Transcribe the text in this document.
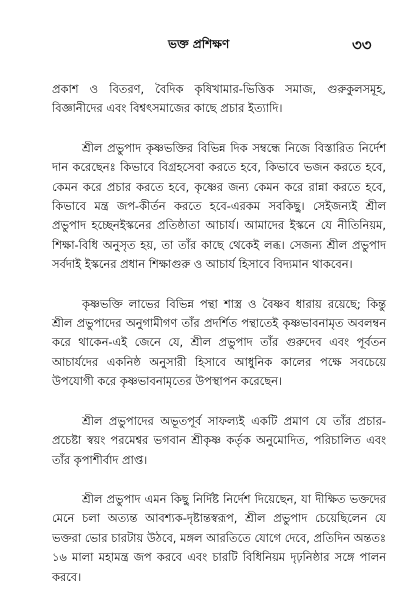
ভক্ত প্রশিক্ষণ	৩৩

প্রকাশ ও বিতরণ, বৈদিক কৃষিখামার-ভিত্তিক সমাজ, গুরুকুলসমূহ, বিজ্ঞানীদের এবং বিশ্বৎসমাজের কাছে প্রচার ইত্যাদি।

শ্রীল প্রভুপাদ কৃষ্ণভক্তির বিভিন্ন দিক সম্বন্ধে নিজে বিস্তারিত নির্দেশ দান করেছেনঃ কিভাবে বিগ্রহসেবা করতে হবে, কিভাবে ভজন করতে হবে, কেমন করে প্রচার করতে হবে, কৃষ্ণের জন্য কেমন করে রান্না করতে হবে, কিভাবে মন্ত্র জপ-কীর্তন করতে হবে-এরকম সবকিছু। সেইজন্যই শ্রীল প্রভুপাদ হচ্ছেনইস্কনের প্রতিষ্ঠাতা আচার্য। আমাদের ইস্কনে যে নীতিনিয়ম, শিক্ষা-বিধি অনুসৃত হয়, তা তাঁর কাছে থেকেই লব্ধ। সেজন্য শ্রীল প্রভুপাদ সর্বদাই ইস্কনের প্রধান শিক্ষাগুরু ও আচার্য হিসাবে বিদ্যমান থাকবেন।

কৃষ্ণভক্তি লাভের বিভিন্ন পন্থা শাস্ত্র ও বৈষ্ণব ধারায় রয়েছে; কিন্তু শ্রীল প্রভুপাদের অনুগামীগণ তাঁর প্রদর্শিত পন্থাতেই কৃষ্ণভাবনামৃত অবলম্বন করে থাকেন-এই জেনে যে, শ্রীল প্রভুপাদ তাঁর গুরুদেব এবং পূর্বতন আচার্যদের একনিষ্ঠ অনুসারী হিসাবে আধুনিক কালের পক্ষে সবচেয়ে উপযোগী করে কৃষ্ণভাবনামৃতের উপস্থাপন করেছেন।

শ্রীল প্রভুপাদের অভূতপূর্ব সাফল্যই একটি প্রমাণ যে তাঁর প্রচার-প্রচেষ্টা স্বয়ং পরমেশ্বর ভগবান শ্রীকৃষ্ণ কর্তৃক অনুমোদিত, পরিচালিত এবং তাঁর কৃপাশীর্বাদ প্রাপ্ত।

শ্রীল প্রভুপাদ এমন কিছু নির্দিষ্ট নির্দেশ দিয়েছেন, যা দীক্ষিত ভক্তদের মেনে চলা অত্যন্ত আবশ্যক-দৃষ্টান্তস্বরূপ, শ্রীল প্রভুপাদ চেয়েছিলেন যে ভক্তরা ভোর চারটায় উঠবে, মঙ্গল আরতিতে যোগে দেবে, প্রতিদিন অন্ততঃ ১৬ মালা মহামন্ত্র জপ করবে এবং চারটি বিধিনিয়ম দৃঢ়নিষ্ঠার সঙ্গে পালন করবে।
